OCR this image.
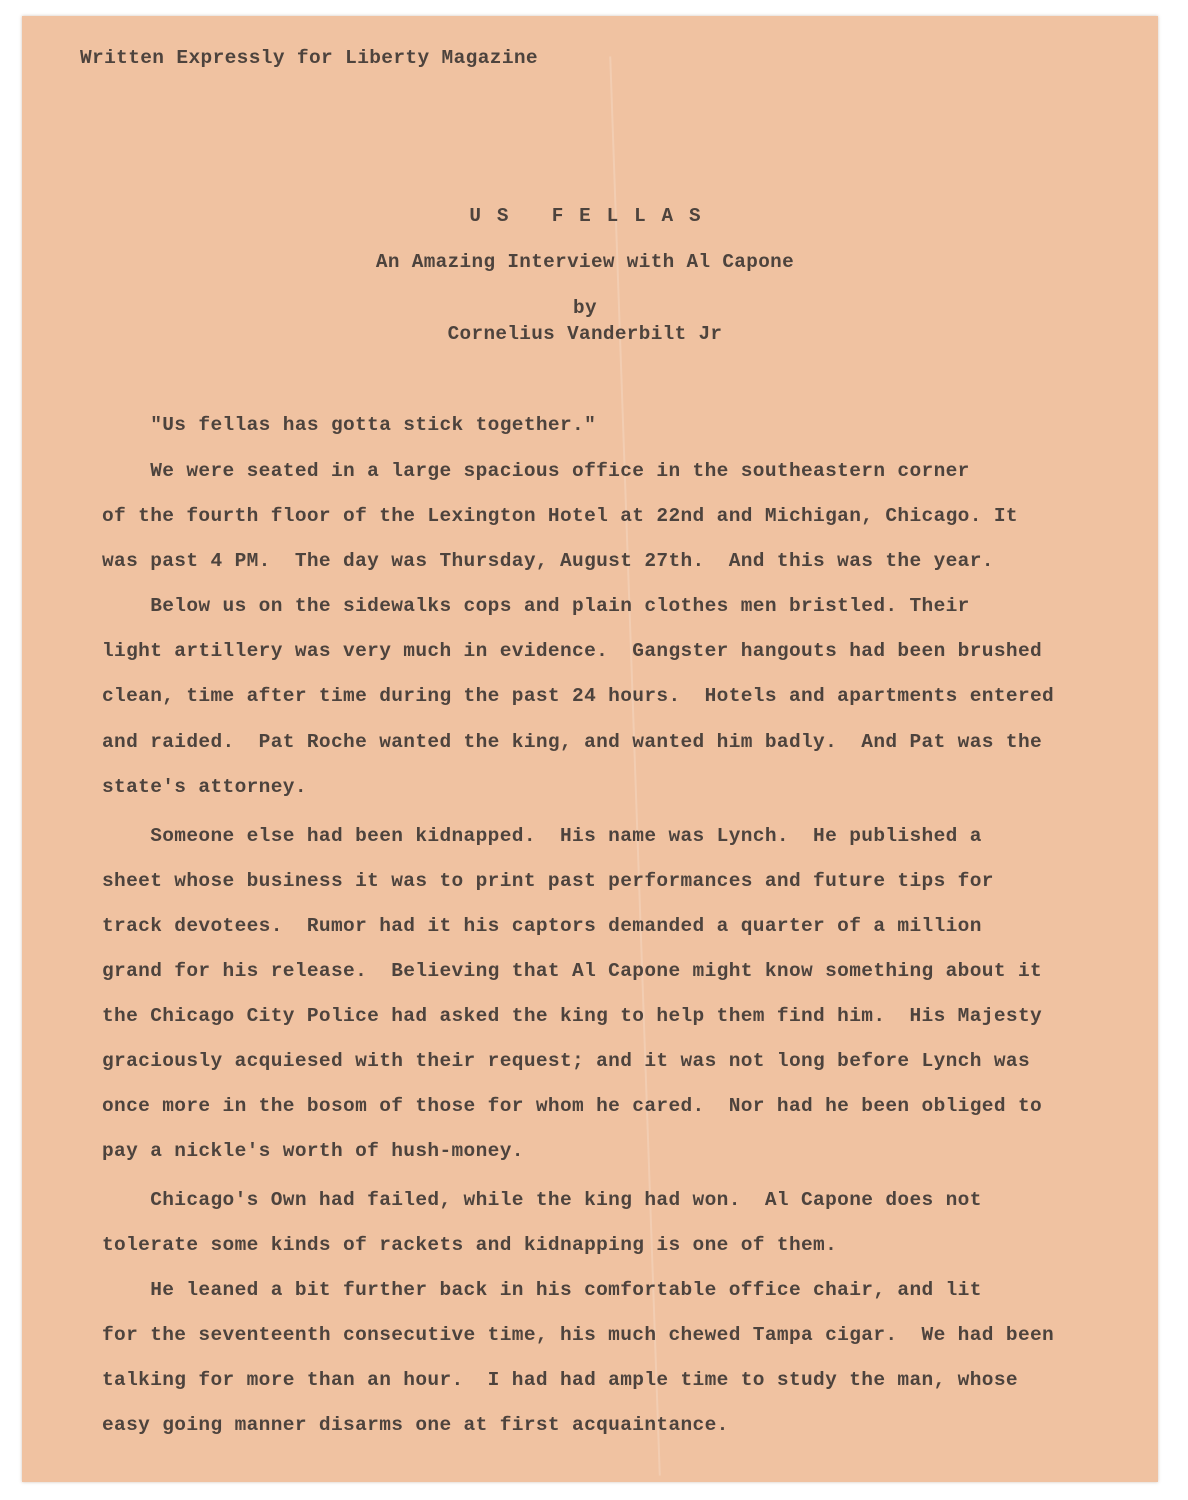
Written Expressly for Liberty Magazine
US FELLAS
An Amazing Interview with Al Capone
by
Cornelius Vanderbilt Jr
"Us fellas has gotta stick together."
We were seated in a large spacious office in the southeastern corner
of the fourth floor of the Lexington Hotel at 22nd and Michigan, Chicago. It
was past 4 PM.  The day was Thursday, August 27th.  And this was the year.
Below us on the sidewalks cops and plain clothes men bristled. Their
light artillery was very much in evidence.  Gangster hangouts had been brushed
clean, time after time during the past 24 hours.  Hotels and apartments entered
and raided.  Pat Roche wanted the king, and wanted him badly.  And Pat was the
state's attorney.
Someone else had been kidnapped.  His name was Lynch.  He published a
sheet whose business it was to print past performances and future tips for
track devotees.  Rumor had it his captors demanded a quarter of a million
grand for his release.  Believing that Al Capone might know something about it
the Chicago City Police had asked the king to help them find him.  His Majesty
graciously acquiesed with their request; and it was not long before Lynch was
once more in the bosom of those for whom he cared.  Nor had he been obliged to
pay a nickle's worth of hush-money.
Chicago's Own had failed, while the king had won.  Al Capone does not
tolerate some kinds of rackets and kidnapping is one of them.
He leaned a bit further back in his comfortable office chair, and lit
for the seventeenth consecutive time, his much chewed Tampa cigar.  We had been
talking for more than an hour.  I had had ample time to study the man, whose
easy going manner disarms one at first acquaintance.
